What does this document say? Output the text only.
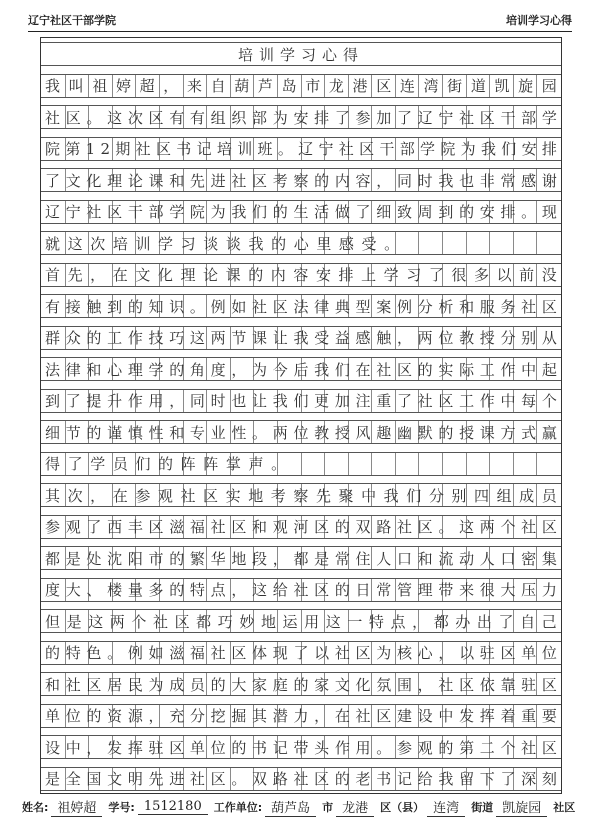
辽宁社区干部学院	培训学习心得
培训学习心得
我 叫 祖 婷 超 ， 来 自 葫 芦 岛 市 龙 港 区 连 湾 街 道 凯 旋 园
社 区 。 这 次 区 有 有 组 织 部 为 安 排 了 参 加 了 辽 宁 社 区 干 部 学
院 第 1 2 期 社 区 书 记 培 训 班 。 辽 宁 社 区 干 部 学 院 为 我 们 安 排
了 文 化 理 论 课 和 先 进 社 区 考 察 的 内 容 ， 同 时 我 也 非 常 感 谢
辽 宁 社 区 干 部 学 院 为 我 们 的 生 活 做 了 细 致 周 到 的 安 排 。 现
就 这 次 培 训 学 习 谈 谈 我 的 心 里 感 受 。
首 先 ， 在 文 化 理 论 课 的 内 容 安 排 上 学 习 了 很 多 以 前 没
有 接 触 到 的 知 识 。 例 如 社 区 法 律 典 型 案 例 分 析 和 服 务 社 区
群 众 的 工 作 技 巧 这 两 节 课 让 我 受 益 感 触 ， 两 位 教 授 分 别 从
法 律 和 心 理 学 的 角 度 ， 为 今 后 我 们 在 社 区 的 实 际 工 作 中 起
到 了 提 升 作 用 ， 同 时 也 让 我 们 更 加 注 重 了 社 区 工 作 中 每 个
细 节 的 谨 慎 性 和 专 业 性 。 两 位 教 授 风 趣 幽 默 的 授 课 方 式 赢
得 了 学 员 们 的 阵 阵 掌 声 。
其 次 ， 在 参 观 社 区 实 地 考 察 先 聚 中 我 们 分 别 四 组 成 员
参 观 了 西 丰 区 滋 福 社 区 和 观 河 区 的 双 路 社 区 。 这 两 个 社 区
都 是 处 沈 阳 市 的 繁 华 地 段 ， 都 是 常 住 人 口 和 流 动 人 口 密 集
度 大 、 楼 量 多 的 特 点 ， 这 给 社 区 的 日 常 管 理 带 来 很 大 压 力
但 是 这 两 个 社 区 都 巧 妙 地 运 用 这 一 特 点 ， 都 办 出 了 自 己
的 特 色 。 例 如 滋 福 社 区 体 现 了 以 社 区 为 核 心 ， 以 驻 区 单 位
和 社 区 居 民 为 成 员 的 大 家 庭 的 家 文 化 氛 围 ， 社 区 依 靠 驻 区
单 位 的 资 源 ， 充 分 挖 掘 其 潜 力 ， 在 社 区 建 设 中 发 挥 着 重 要
设 中 ， 发 挥 驻 区 单 位 的 书 记 带 头 作 用 。 参 观 的 第 二 个 社 区
是 全 国 文 明 先 进 社 区 。 双 路 社 区 的 老 书 记 给 我 留 下 了 深 刻
姓名: 祖婷超	学号: 1512180	工作单位: 葫芦岛	市 龙港	区（县） 连湾	街道 凯旋园	社区
